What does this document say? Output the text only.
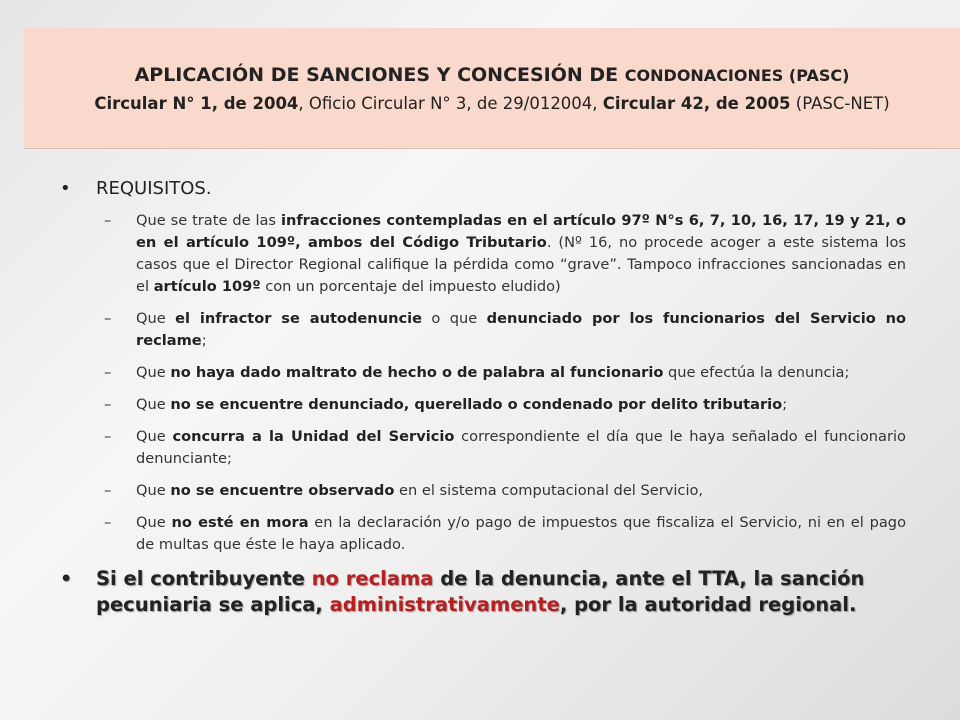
APLICACIÓN DE SANCIONES Y CONCESIÓN DE CONDONACIONES (PASC)
Circular N° 1, de 2004, Oficio Circular N° 3, de 29/012004, Circular 42, de 2005 (PASC-NET)
• REQUISITOS.
– Que se trate de las infracciones contempladas en el artículo 97º N°s 6, 7, 10, 16, 17, 19 y 21, o en el artículo 109º, ambos del Código Tributario. (Nº 16, no procede acoger a este sistema los casos que el Director Regional califique la pérdida como “grave”. Tampoco infracciones sancionadas en el artículo 109º con un porcentaje del impuesto eludido)
– Que el infractor se autodenuncie o que denunciado por los funcionarios del Servicio no reclame;
– Que no haya dado maltrato de hecho o de palabra al funcionario que efectúa la denuncia;
– Que no se encuentre denunciado, querellado o condenado por delito tributario;
– Que concurra a la Unidad del Servicio correspondiente el día que le haya señalado el funcionario denunciante;
– Que no se encuentre observado en el sistema computacional del Servicio,
– Que no esté en mora en la declaración y/o pago de impuestos que fiscaliza el Servicio, ni en el pago de multas que éste le haya aplicado.
• Si el contribuyente no reclama de la denuncia, ante el TTA, la sanción pecuniaria se aplica, administrativamente, por la autoridad regional.
